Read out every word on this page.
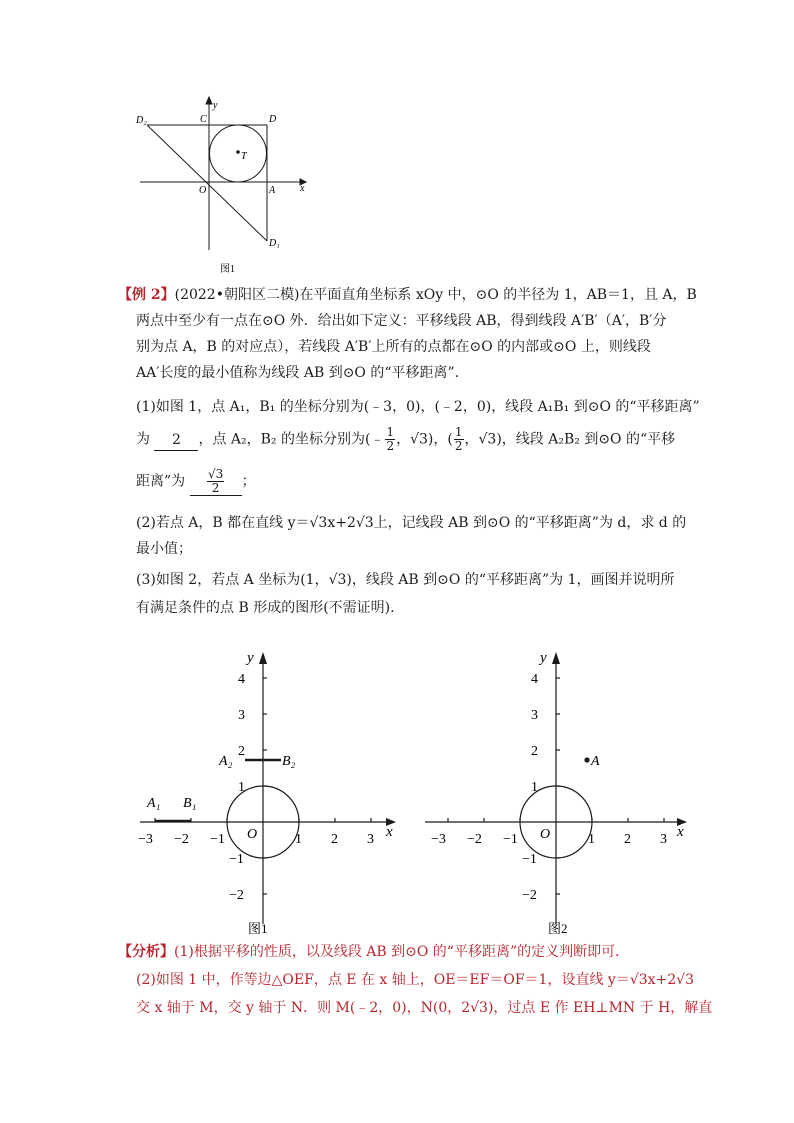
y
x
O	A
C	D
D₂
D₁
T
图1
【例 2】(2022•朝阳区二模)在平面直角坐标系 xOy 中，⊙O 的半径为 1，AB＝1，且 A，B
两点中至少有一点在⊙O 外．给出如下定义：平移线段 AB，得到线段 A′B′（A′，B′分
别为点 A，B 的对应点），若线段 A′B′上所有的点都在⊙O 的内部或⊙O 上，则线段
AA′长度的最小值称为线段 AB 到⊙O 的“平移距离”.
(1)如图 1，点 A₁，B₁ 的坐标分别为(﹣3，0)，(﹣2，0)，线段 A₁B₁ 到⊙O 的“平移距离”
为 2 ，点 A₂，B₂ 的坐标分别为(﹣ $\frac{1}{2}$ ，√3)，( $\frac{1}{2}$ ，√3)，线段 A₂B₂ 到⊙O 的“平移
距离”为 $\frac{√3}{2}$ ；
(2)若点 A，B 都在直线 y＝√3x+2√3上，记线段 AB 到⊙O 的“平移距离”为 d，求 d 的
最小值；
(3)如图 2，若点 A 坐标为(1，√3)，线段 AB 到⊙O 的“平移距离”为 1，画图并说明所
有满足条件的点 B 形成的图形(不需证明).
x
y
O
−3 −2 −1	1 2 3
4
3
2
1
−1
−2
A₁ B₁
A₂	B₂
图1
x
y
O
−3 −2 −1	1 2 3
4
3
2
1
−1
−2
A
图2
【分析】(1)根据平移的性质，以及线段 AB 到⊙O 的“平移距离”的定义判断即可．
(2)如图 1 中，作等边△OEF，点 E 在 x 轴上，OE＝EF＝OF＝1，设直线 y＝√3x+2√3
交 x 轴于 M，交 y 轴于 N．则 M(﹣2，0)，N(0，2√3)，过点 E 作 EH⊥MN 于 H，解直
